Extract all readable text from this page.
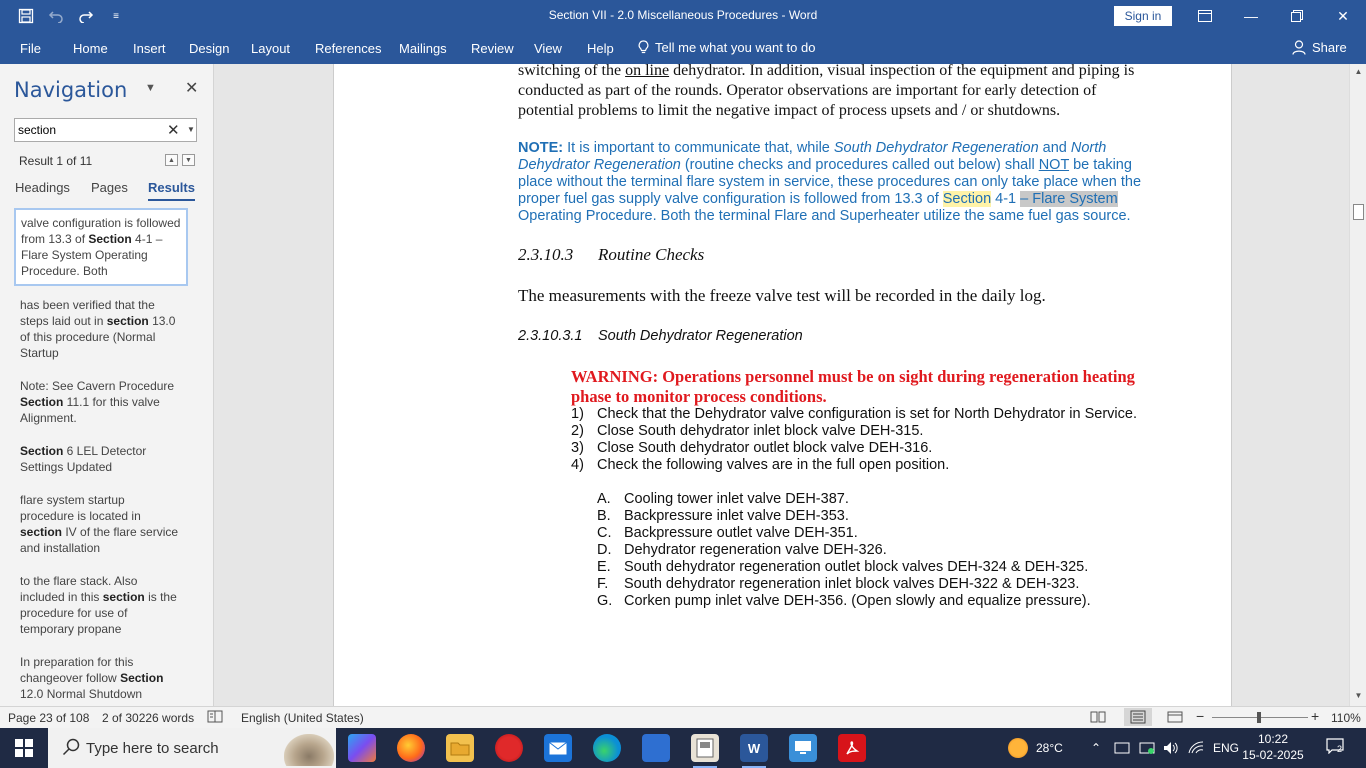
≡	Section VII - 2.0 Miscellaneous Procedures - Word	Sign in	—	✕
File Home Insert Design Layout References Mailings Review View Help	Tell me what you want to do	Share
Navigation ▼ ✕
section
✕ ▼
Result 1 of 11	▲	▼
Headings Pages Results
valve configuration is followed from 13.3 of Section 4-1 – Flare System Operating Procedure. Both
has been verified that the steps laid out in section 13.0 of this procedure (Normal Startup
Note: See Cavern Procedure Section 11.1 for this valve Alignment.
Section 6 LEL Detector Settings Updated
flare system startup procedure is located in section IV of the flare service and installation
to the flare stack. Also included in this section is the procedure for use of temporary propane
In preparation for this changeover follow Section 12.0 Normal Shutdown
switching of the on line dehydrator. In addition, visual inspection of the equipment and piping is conducted as part of the rounds. Operator observations are important for early detection of potential problems to limit the negative impact of process upsets and / or shutdowns.
NOTE: It is important to communicate that, while South Dehydrator Regeneration and North Dehydrator Regeneration (routine checks and procedures called out below) shall NOT be taking place without the terminal flare system in service, these procedures can only take place when the proper fuel gas supply valve configuration is followed from 13.3 of Section 4-1 – Flare System Operating Procedure. Both the terminal Flare and Superheater utilize the same fuel gas source.
2.3.10.3 Routine Checks
The measurements with the freeze valve test will be recorded in the daily log.
2.3.10.3.1 South Dehydrator Regeneration
WARNING: Operations personnel must be on sight during regeneration heating phase to monitor process conditions.
1) Check that the Dehydrator valve configuration is set for North Dehydrator in Service.
2) Close South dehydrator inlet block valve DEH-315.
3) Close South dehydrator outlet block valve DEH-316.
4) Check the following valves are in the full open position.
A. Cooling tower inlet valve DEH-387.
B. Backpressure inlet valve DEH-353.
C. Backpressure outlet valve DEH-351.
D. Dehydrator regeneration valve DEH-326.
E. South dehydrator regeneration outlet block valves DEH-324 & DEH-325.
F.	South dehydrator regeneration inlet block valves DEH-322 & DEH-323.
G. Corken pump inlet valve DEH-356. (Open slowly and equalize pressure).
▲
▼
Page 23 of 108 2 of 30226 words	English (United States)	−	+ 110%
Type here to search	W	28°C ⌃	ENG
10:22
15-02-2025	2
